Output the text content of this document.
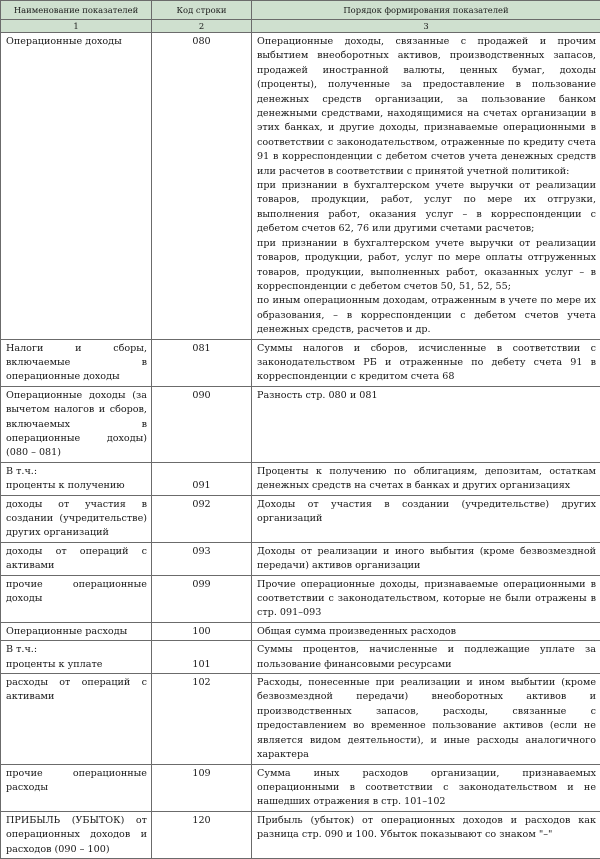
Наименование показателей	Код строки	Порядок формирования показателей
1	2	3
Операционные доходы	080	Операционные доходы, связанные с продажей и прочим выбытием внеоборотных активов, производственных запасов, продажей иностранной валюты, ценных бумаг, доходы (проценты), полученные за предоставление в пользование денежных средств организации, за пользование банком денежными средствами, находящимися на счетах организации в этих банках, и другие доходы, признаваемые операционными в соответствии с законодательством, отраженные по кредиту счета 91 в корреспонденции с дебетом счетов учета денежных средств или расчетов в соответствии с принятой учетной политикой:
при признании в бухгалтерском учете выручки от реализации товаров, продукции, работ, услуг по мере их отгрузки, выполнения работ, оказания услуг – в корреспонденции с дебетом счетов 62, 76 или другими счетами расчетов;
при признании в бухгалтерском учете выручки от реализации товаров, продукции, работ, услуг по мере оплаты отгруженных товаров, продукции, выполненных работ, оказанных услуг – в корреспонденции с дебетом счетов 50, 51, 52, 55;
по иным операционным доходам, отраженным в учете по мере их образования, – в корреспонденции с дебетом счетов учета денежных средств, расчетов и др.

Налоги и сборы, включаемые в операционные доходы	081	Суммы налогов и сборов, исчисленные в соответствии с законодательством РБ и отраженные по дебету счета 91 в корреспонденции с кредитом счета 68

Операционные доходы (за вычетом налогов и сборов, включаемых в операционные доходы) (080 – 081)	090	Разность стр. 080 и 081

В т.ч.:
проценты к получению	091	Проценты к получению по облигациям, депозитам, остаткам денежных средств на счетах в банках и других организациях

доходы от участия в создании (учредительстве) других организаций	092	Доходы от участия в создании (учредительстве) других организаций

доходы от операций с активами	093	Доходы от реализации и иного выбытия (кроме безвозмездной передачи) активов организации

прочие операционные доходы	099	Прочие операционные доходы, признаваемые операционными в соответствии с законодательством, которые не были отражены в стр. 091–093

Операционные расходы	100	Общая сумма произведенных расходов

В т.ч.:
проценты к уплате	101	Суммы процентов, начисленные и подлежащие уплате за пользование финансовыми ресурсами

расходы от операций с активами	102	Расходы, понесенные при реализации и ином выбытии (кроме безвозмездной передачи) внеоборотных активов и производственных запасов, расходы, связанные с предоставлением во временное пользование активов (если не является видом деятельности), и иные расходы аналогичного характера

прочие операционные расходы	109	Сумма иных расходов организации, признаваемых операционными в соответствии с законодательством и не нашедших отражения в стр. 101–102

ПРИБЫЛЬ (УБЫТОК) от операционных доходов и расходов (090 – 100)	120	Прибыль (убыток) от операционных доходов и расходов как разница стр. 090 и 100. Убыток показывают со знаком "–"
